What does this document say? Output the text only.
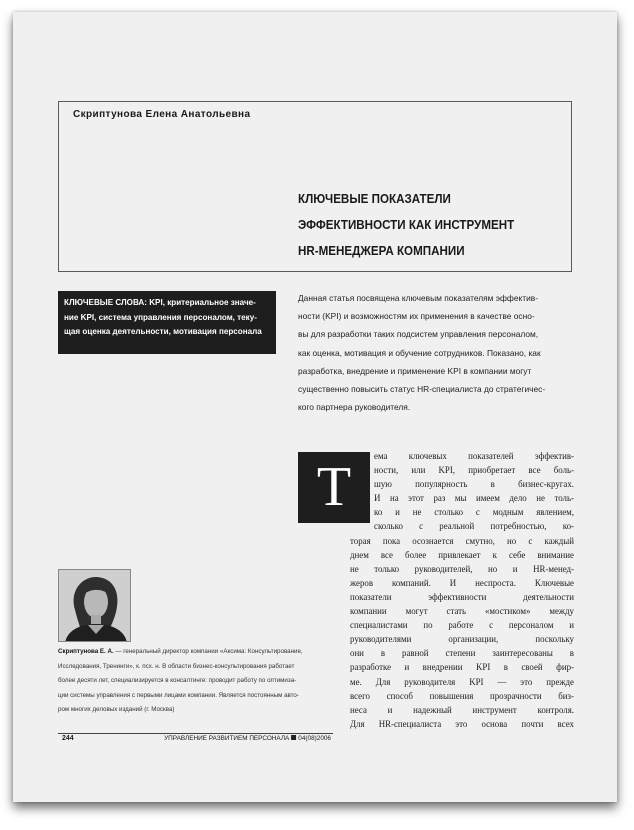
Скриптунова Елена Анатольевна
КЛЮЧЕВЫЕ ПОКАЗАТЕЛИ
ЭФФЕКТИВНОСТИ КАК ИНСТРУМЕНТ
HR-МЕНЕДЖЕРА КОМПАНИИ
КЛЮЧЕВЫЕ СЛОВА: KPI, критериальное значе-
ние KPI, система управления персоналом, теку-
щая оценка деятельности, мотивация персонала
Данная статья посвящена ключевым показателям эффектив-
ности (KPI) и возможностям их применения в качестве осно-
вы для разработки таких подсистем управления персоналом,
как оценка, мотивация и обучение сотрудников. Показано, как
разработка, внедрение и применение KPI в компании могут
существенно повысить статус HR-специалиста до стратегичес-
кого партнера руководителя.
Т	ема ключевых показателей эффектив-
ности, или KPI, приобретает все боль-
шую популярность в бизнес-кругах.
И на этот раз мы имеем дело не толь-
ко и не столько с модным явлением,
сколько с реальной потребностью, ко-
торая пока осознается смутно, но с каждый
днем все более привлекает к себе внимание
не только руководителей, но и HR-менед-
жеров компаний. И неспроста. Ключевые
показатели эффективности деятельности
компании могут стать «мостиком» между
специалистами по работе с персоналом и
руководителями организации, поскольку
они в равной степени заинтересованы в
разработке и внедрении KPI в своей фир-
ме. Для руководителя KPI — это прежде
всего способ повышения прозрачности биз-
неса и надежный инструмент контроля.
Для HR-специалиста это основа почти всех
Скриптунова Е. А. — генеральный директор компании «Аксима: Консультирование,
Исследования, Тренинги», к. псх. н. В области бизнес-консультирования работает
более десяти лет, специализируется в консалтинге: проводит работу по оптимиза-
ции системы управления с первыми лицами компании. Является постоянным авто-
ром многих деловых изданий (г. Москва)
244	УПРАВЛЕНИЕ РАЗВИТИЕМ ПЕРСОНАЛА 04(08)2006
